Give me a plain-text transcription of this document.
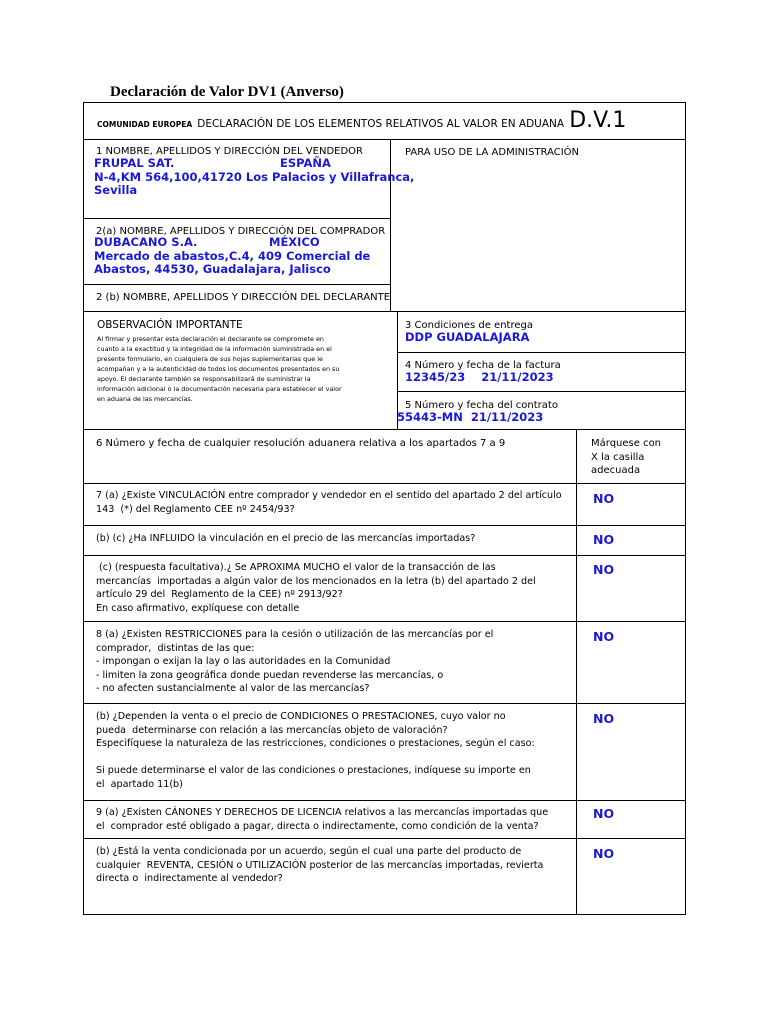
Declaración de Valor DV1 (Anverso)
COMUNIDAD EUROPEA DECLARACIÓN DE LOS ELEMENTOS RELATIVOS AL VALOR EN ADUANA D.V.1
1 NOMBRE, APELLIDOS Y DIRECCIÓN DEL VENDEDOR
FRUPAL SAT.	ESPAÑA
N-4,KM 564,100,41720 Los Palacios y Villafranca,
Sevilla
PARA USO DE LA ADMINISTRACIÓN
2(a) NOMBRE, APELLIDOS Y DIRECCIÓN DEL COMPRADOR
DUBACANO S.A.	MÉXICO
Mercado de abastos,C.4, 409 Comercial de
Abastos, 44530, Guadalajara, Jalisco
2 (b) NOMBRE, APELLIDOS Y DIRECCIÓN DEL DECLARANTE
OBSERVACIÓN IMPORTANTE
Al firmar y presentar esta declaración el declarante se compromete en
cuanto a la exactitud y la integridad de la información suministrada en el
presente formulario, en cualquiera de sus hojas suplementarias que le
acompañan y a la autenticidad de todos los documentos presentados en su
apoyo. El declarante también se responsabilizará de suministrar la
información adicional o la documentación necesaria para establecer el valor
en aduana de las mercancías.
3 Condiciones de entrega
DDP GUADALAJARA
4 Número y fecha de la factura
12345/23    21/11/2023
5 Número y fecha del contrato
55443-MN  21/11/2023
6 Número y fecha de cualquier resolución aduanera relativa a los apartados 7 a 9	Márquese con
X la casilla
adecuada
7 (a) ¿Existe VINCULACIÓN entre comprador y vendedor en el sentido del apartado 2 del artículo
143  (*) del Reglamento CEE nº 2454/93?
NO
(b) (c) ¿Ha INFLUIDO la vinculación en el precio de las mercancías importadas?	NO
(c) (respuesta facultativa).¿ Se APROXIMA MUCHO el valor de la transacción de las
mercancías  importadas a algún valor de los mencionados en la letra (b) del apartado 2 del
artículo 29 del  Reglamento de la CEE) nº 2913/92?
En caso afirmativo, explíquese con detalle
NO
8 (a) ¿Existen RESTRICCIONES para la cesión o utilización de las mercancías por el
comprador,  distintas de las que:
- impongan o exijan la lay o las autoridades en la Comunidad
- limiten la zona geográfica donde puedan revenderse las mercancías, o
- no afecten sustancialmente al valor de las mercancías?
NO
(b) ¿Dependen la venta o el precio de CONDICIONES O PRESTACIONES, cuyo valor no
pueda  determinarse con relación a las mercancías objeto de valoración?
Especifíquese la naturaleza de las restricciones, condiciones o prestaciones, según el caso:

Si puede determinarse el valor de las condiciones o prestaciones, indíquese su importe en
el  apartado 11(b)
NO
9 (a) ¿Existen CÁNONES Y DERECHOS DE LICENCIA relativos a las mercancías importadas que
el  comprador esté obligado a pagar, directa o indirectamente, como condición de la venta?
NO
(b) ¿Está la venta condicionada por un acuerdo, según el cual una parte del producto de
cualquier  REVENTA, CESIÓN o UTILIZACIÓN posterior de las mercancías importadas, revierta
directa o  indirectamente al vendedor?
NO
